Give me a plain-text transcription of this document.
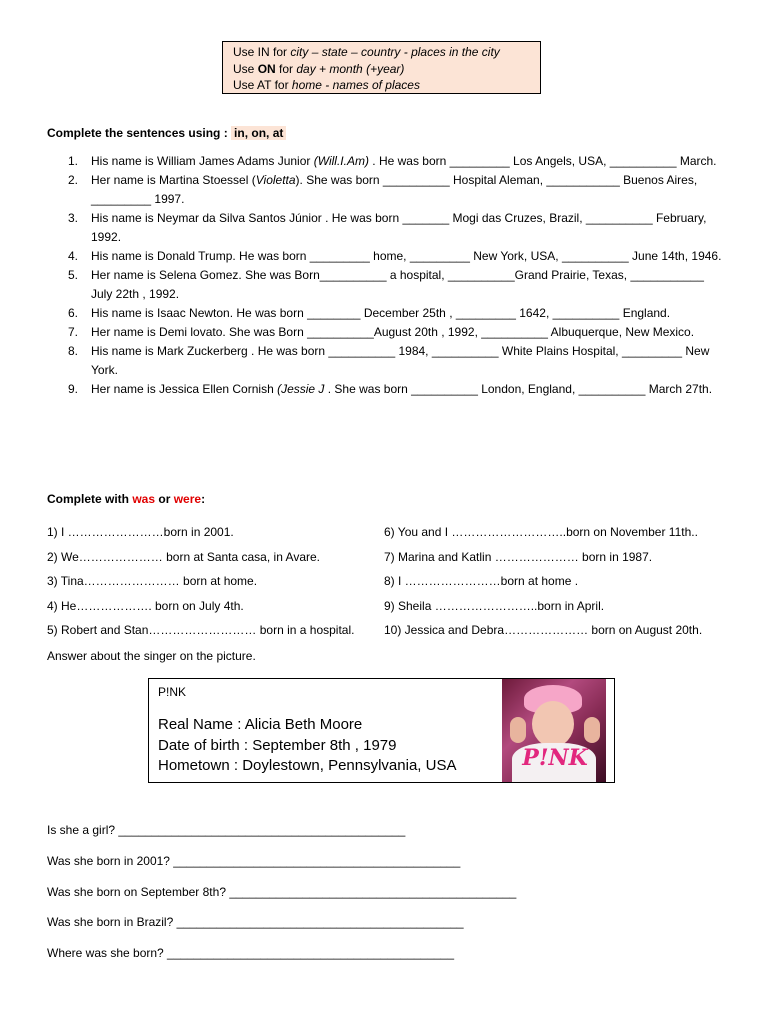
Use IN for city – state – country - places in the city
Use ON for day + month (+year)
Use AT for home - names of places
Complete the sentences using : in, on, at
1. His name is William James Adams Junior (Will.I.Am) . He was born _________ Los Angels, USA, __________ March.
2. Her name is Martina Stoessel (Violetta). She was born __________ Hospital Aleman, ___________ Buenos Aires, _________ 1997.
3. His name is Neymar da Silva Santos Júnior . He was born _______ Mogi das Cruzes, Brazil, __________ February, 1992.
4. His name is Donald Trump. He was born _________ home, _________ New York, USA, __________ June 14th, 1946.
5. Her name is Selena Gomez. She was Born__________ a hospital, __________Grand Prairie, Texas, ___________ July 22th , 1992.
6. His name is Isaac Newton. He was born ________ December 25th , _________ 1642, __________ England.
7. Her name is Demi lovato. She was Born __________August 20th , 1992, __________ Albuquerque, New Mexico.
8. His name is Mark Zuckerberg . He was born __________ 1984, __________ White Plains Hospital, _________ New York.
9. Her name is Jessica Ellen Cornish (Jessie J . She was born __________ London, England, __________ March 27th.
Complete with was or were:
1) I ……………………born in 2001.
2) We………………… born at Santa casa, in Avare.
3) Tina…………………… born at home.
4) He………………. born on July 4th.
5) Robert and Stan……………………… born in a hospital.
6) You and I ………………………..born on November 11th..
7) Marina and Katlin ………………… born in 1987.
8) I ……………………born at home .
9) Sheila ……………………..born in April.
10) Jessica and Debra………………… born on August 20th.
Answer about the singer on the picture.
P!NK
Real Name : Alicia Beth Moore
Date of birth : September 8th , 1979
Hometown : Doylestown, Pennsylvania, USA	P!NK
Is she a girl? ___________________________________________
Was she born in 2001? ___________________________________________
Was she born on September 8th? ___________________________________________
Was she born in Brazil? ___________________________________________
Where was she born? ___________________________________________
